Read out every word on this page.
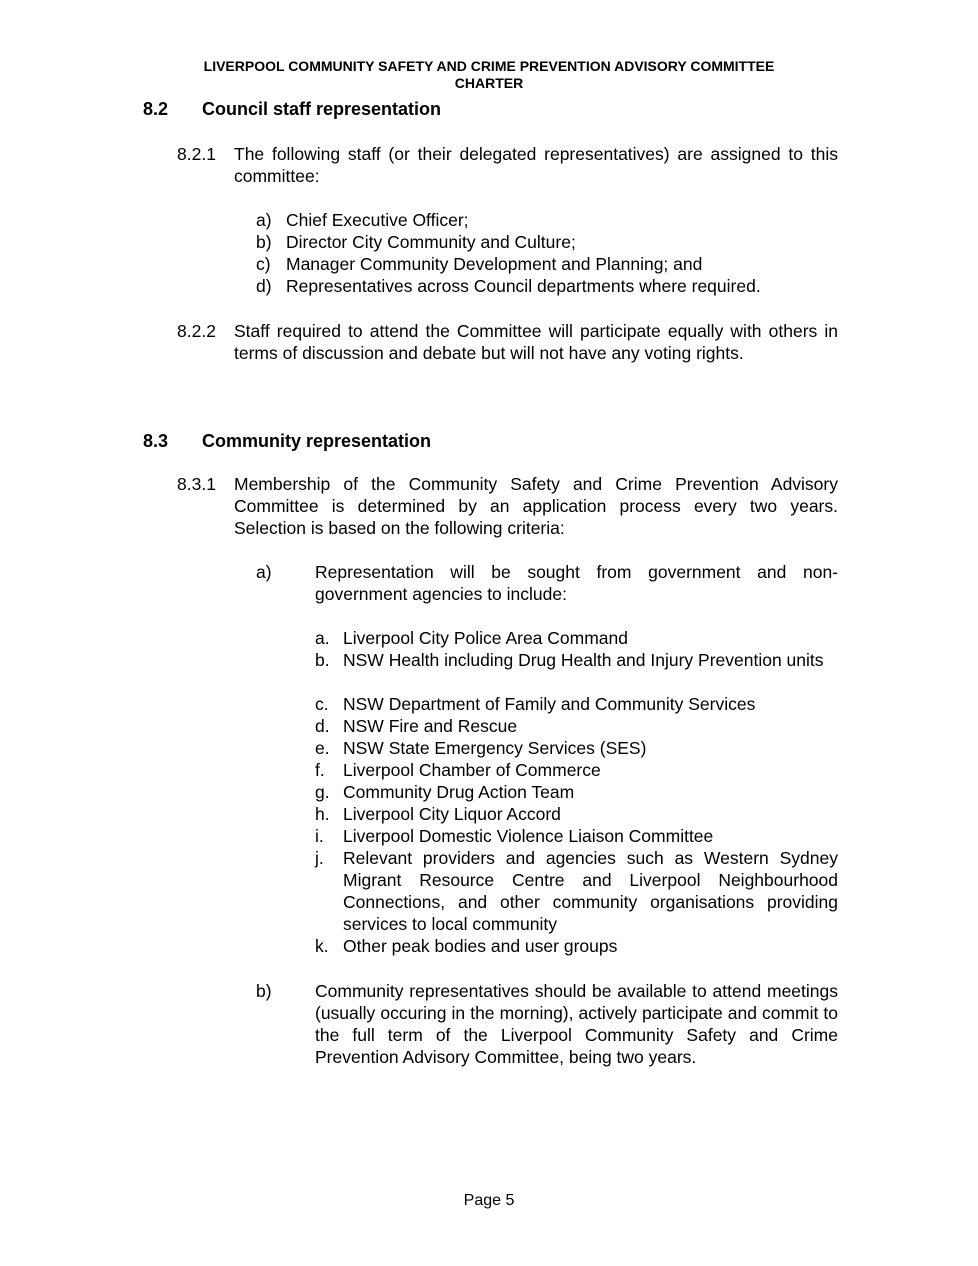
LIVERPOOL COMMUNITY SAFETY AND CRIME PREVENTION ADVISORY COMMITTEE
CHARTER
8.2 Council staff representation
8.2.1 The following staff (or their delegated representatives) are assigned to this committee:
a) Chief Executive Officer;
b) Director City Community and Culture;
c) Manager Community Development and Planning; and
d) Representatives across Council departments where required.
8.2.2 Staff required to attend the Committee will participate equally with others in terms of discussion and debate but will not have any voting rights.
8.3 Community representation
8.3.1 Membership of the Community Safety and Crime Prevention Advisory Committee is determined by an application process every two years. Selection is based on the following criteria:
a) Representation will be sought from government and non-government agencies to include:
a. Liverpool City Police Area Command
b. NSW Health including Drug Health and Injury Prevention units
c. NSW Department of Family and Community Services
d. NSW Fire and Rescue
e. NSW State Emergency Services (SES)
f. Liverpool Chamber of Commerce
g. Community Drug Action Team
h. Liverpool City Liquor Accord
i. Liverpool Domestic Violence Liaison Committee
j. Relevant providers and agencies such as Western Sydney Migrant Resource Centre and Liverpool Neighbourhood Connections, and other community organisations providing services to local community
k. Other peak bodies and user groups
b) Community representatives should be available to attend meetings (usually occuring in the morning), actively participate and commit to the full term of the Liverpool Community Safety and Crime Prevention Advisory Committee, being two years.
Page 5
